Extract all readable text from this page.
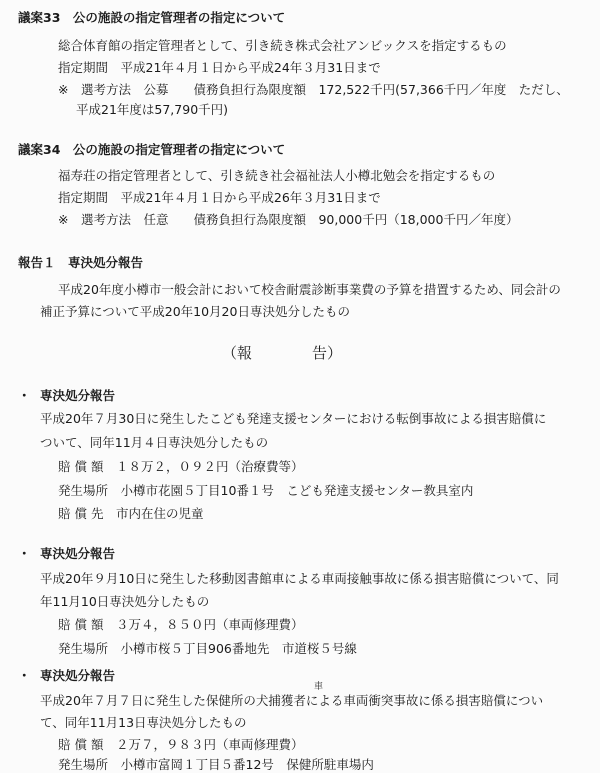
議案33　公の施設の指定管理者の指定について
総合体育館の指定管理者として、引き続き株式会社アンビックスを指定するもの
指定期間　平成21年４月１日から平成24年３月31日まで
※　選考方法　公募　　債務負担行為限度額　172,522千円(57,366千円／年度　ただし、
平成21年度は57,790千円)
議案34　公の施設の指定管理者の指定について
福寿荘の指定管理者として、引き続き社会福祉法人小樽北勉会を指定するもの
指定期間　平成21年４月１日から平成26年３月31日まで
※　選考方法　任意　　債務負担行為限度額　90,000千円（18,000千円／年度）
報告１　専決処分報告
平成20年度小樽市一般会計において校舎耐震診断事業費の予算を措置するため、同会計の
補正予算について平成20年10月20日専決処分したもの
（報　　　　告）
・ 専決処分報告
平成20年７月30日に発生したこども発達支援センターにおける転倒事故による損害賠償に
ついて、同年11月４日専決処分したもの
賠 償 額　１８万２，０９２円（治療費等）
発生場所　小樽市花園５丁目10番１号　こども発達支援センター教具室内
賠 償 先　市内在住の児童
・ 専決処分報告
平成20年９月10日に発生した移動図書館車による車両接触事故に係る損害賠償について、同
年11月10日専決処分したもの
賠 償 額　３万４，８５０円（車両修理費）
発生場所　小樽市桜５丁目906番地先　市道桜５号線
・ 専決処分報告
車
平成20年７月７日に発生した保健所の犬捕獲者による車両衝突事故に係る損害賠償につい
て、同年11月13日専決処分したもの
賠 償 額　２万７，９８３円（車両修理費）
発生場所　小樽市富岡１丁目５番12号　保健所駐車場内
